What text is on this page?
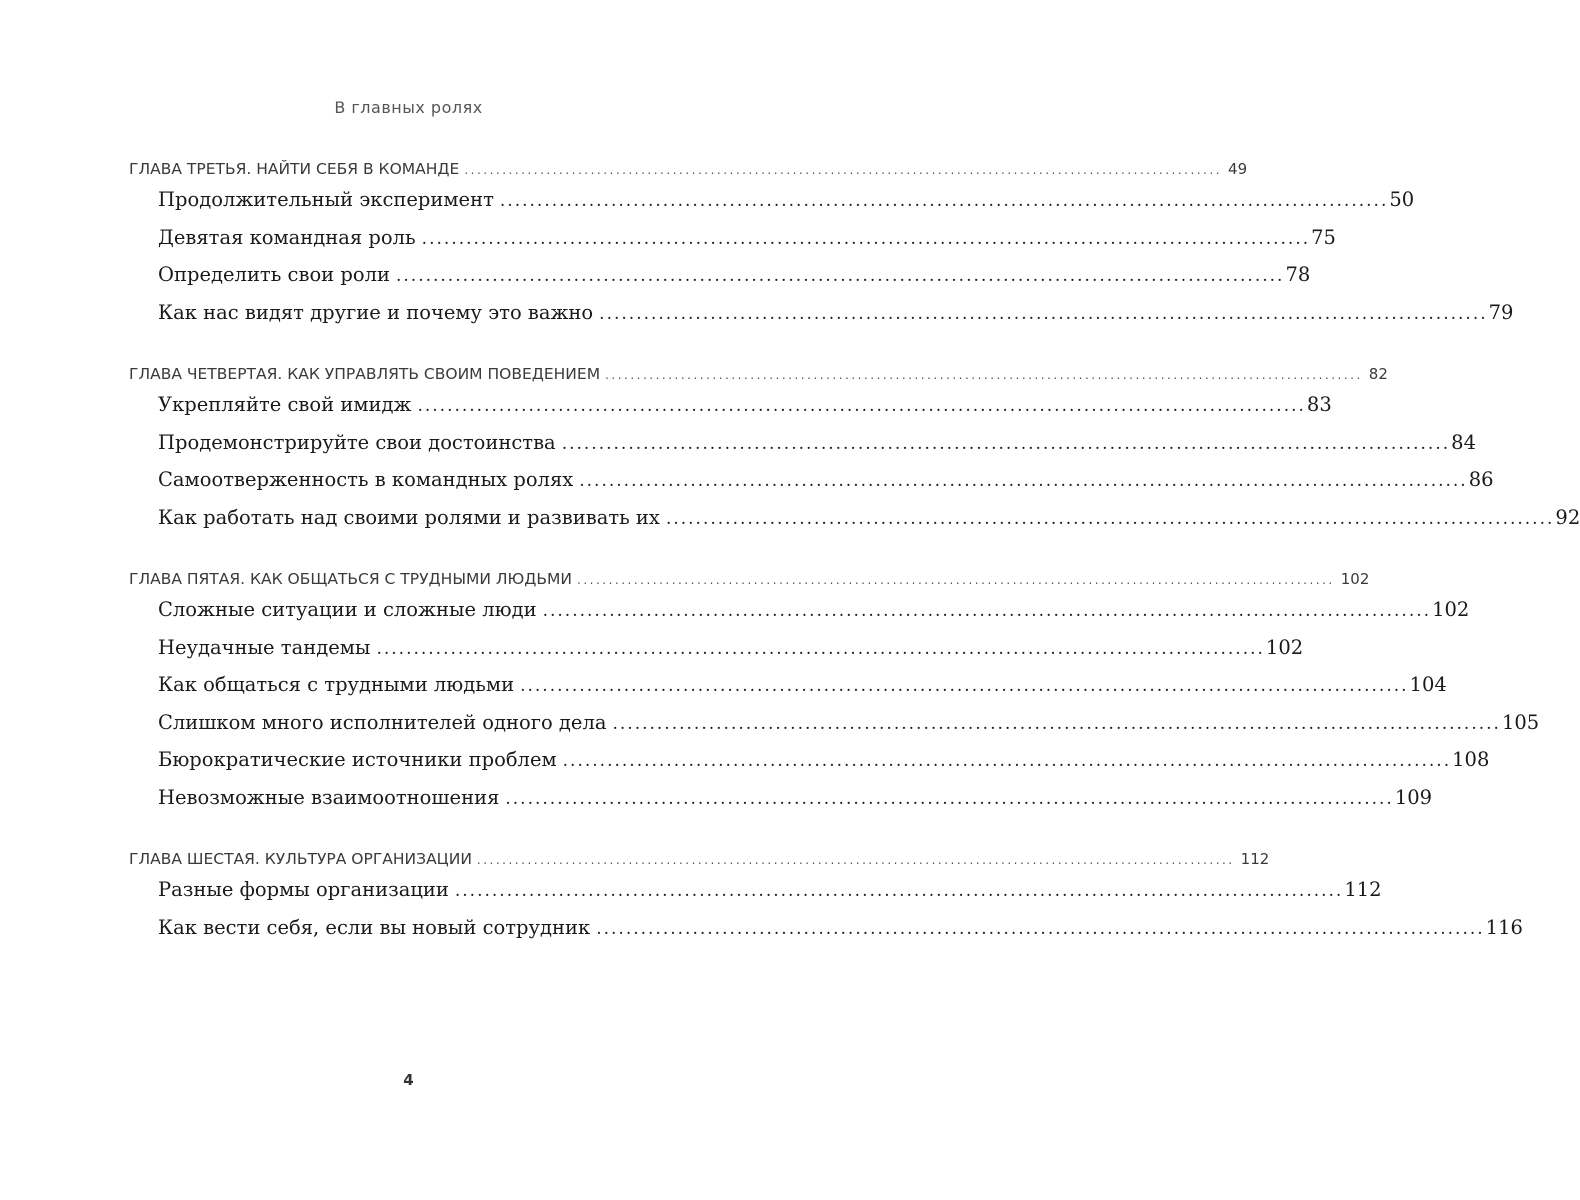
В главных ролях
ГЛАВА ТРЕТЬЯ. НАЙТИ СЕБЯ В КОМАНДЕ ........................................................................................................................ 49
Продолжительный эксперимент ........................................................................................................................ 50
Девятая командная роль ........................................................................................................................ 75
Определить свои роли ........................................................................................................................ 78
Как нас видят другие и почему это важно ........................................................................................................................ 79
ГЛАВА ЧЕТВЕРТАЯ. КАК УПРАВЛЯТЬ СВОИМ ПОВЕДЕНИЕМ ........................................................................................................................ 82
Укрепляйте свой имидж ........................................................................................................................ 83
Продемонстрируйте свои достоинства ........................................................................................................................ 84
Самоотверженность в командных ролях ........................................................................................................................ 86
Как работать над своими ролями и развивать их ........................................................................................................................ 92
ГЛАВА ПЯТАЯ. КАК ОБЩАТЬСЯ С ТРУДНЫМИ ЛЮДЬМИ ........................................................................................................................ 102
Сложные ситуации и сложные люди ........................................................................................................................ 102
Неудачные тандемы ........................................................................................................................ 102
Как общаться с трудными людьми ........................................................................................................................ 104
Слишком много исполнителей одного дела ........................................................................................................................ 105
Бюрократические источники проблем ........................................................................................................................ 108
Невозможные взаимоотношения ........................................................................................................................ 109
ГЛАВА ШЕСТАЯ. КУЛЬТУРА ОРГАНИЗАЦИИ ........................................................................................................................ 112
Разные формы организации ........................................................................................................................ 112
Как вести себя, если вы новый сотрудник ........................................................................................................................ 116
4
